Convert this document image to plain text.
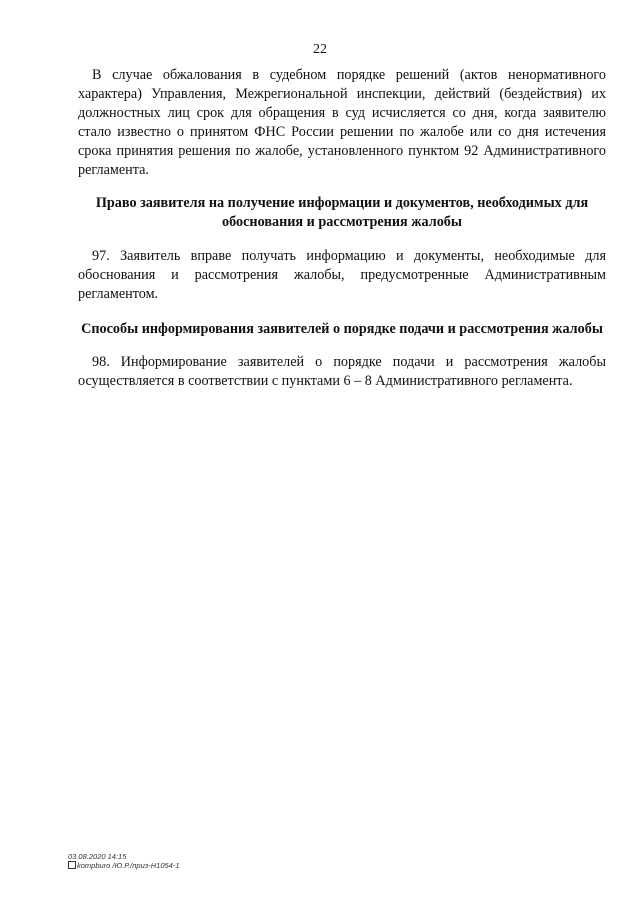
22

В случае обжалования в судебном порядке решений (актов ненормативного характера) Управления, Межрегиональной инспекции, действий (бездействия) их должностных лиц срок для обращения в суд исчисляется со дня, когда заявителю стало известно о принятом ФНС России решении по жалобе или со дня истечения срока принятия решения по жалобе, установленного пунктом 92 Административного регламента.

Право заявителя на получение информации и документов, необходимых для обоснования и рассмотрения жалобы

97. Заявитель вправе получать информацию и документы, необходимые для обоснования и рассмотрения жалобы, предусмотренные Административным регламентом.

Способы информирования заявителей о порядке подачи и рассмотрения жалобы

98. Информирование заявителей о порядке подачи и рассмотрения жалобы осуществляется в соответствии с пунктами 6 – 8 Административного регламента.

03.08.2020 14:15
kompburo /Ю.Р./приз-Н1054-1
